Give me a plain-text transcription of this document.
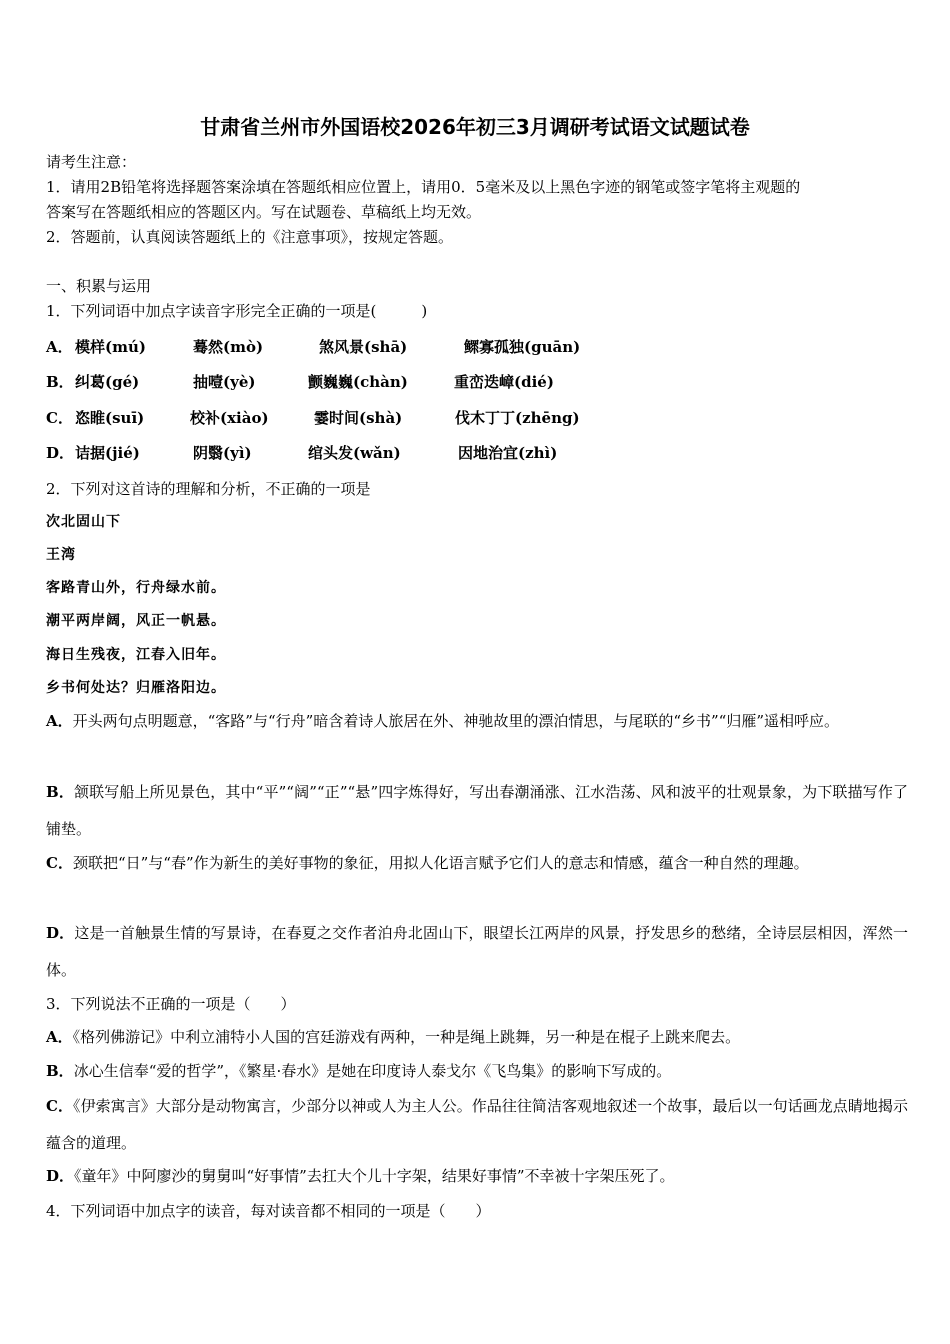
甘肃省兰州市外国语校2026年初三3月调研考试语文试题试卷
请考生注意：
1．请用2B铅笔将选择题答案涂填在答题纸相应位置上，请用0．5毫米及以上黑色字迹的钢笔或签字笔将主观题的
答案写在答题纸相应的答题区内。写在试题卷、草稿纸上均无效。
2．答题前，认真阅读答题纸上的《注意事项》，按规定答题。
一、积累与运用
1．下列词语中加点字读音字形完全正确的一项是(　　　)
A． 模样(mú)	蓦然(mò)	煞风景(shā)	鳏寡孤独(guān)
B． 纠葛(gé)	抽噎(yè)	颤巍巍(chàn)	重峦迭嶂(dié)
C． 恣睢(suī)	校补(xiào)	霎时间(shà)	伐木丁丁(zhēng)
D． 诘据(jié)	阴翳(yì)	绾头发(wǎn)	因地治宜(zhì)
2．下列对这首诗的理解和分析，不正确的一项是
次北固山下
王湾
客路青山外，行舟绿水前。
潮平两岸阔，风正一帆悬。
海日生残夜，江春入旧年。
乡书何处达？归雁洛阳边。
A．开头两句点明题意，“客路”与“行舟”暗含着诗人旅居在外、神驰故里的漂泊情思，与尾联的“乡书”“归雁”遥相呼应。
B．颔联写船上所见景色，其中“平”“阔”“正”“悬”四字炼得好，写出春潮涌涨、江水浩荡、风和波平的壮观景象，为下联描写作了铺垫。
C．颈联把“日”与“春”作为新生的美好事物的象征，用拟人化语言赋予它们人的意志和情感，蕴含一种自然的理趣。
D．这是一首触景生情的写景诗，在春夏之交作者泊舟北固山下，眼望长江两岸的风景，抒发思乡的愁绪，全诗层层相因，浑然一体。
3．下列说法不正确的一项是（　　）
A．《格列佛游记》中利立浦特小人国的宫廷游戏有两种，一种是绳上跳舞，另一种是在棍子上跳来爬去。
B．冰心生信奉“爱的哲学”，《繁星·春水》是她在印度诗人泰戈尔《飞鸟集》的影响下写成的。
C．《伊索寓言》大部分是动物寓言，少部分以神或人为主人公。作品往往简洁客观地叙述一个故事，最后以一句话画龙点睛地揭示蕴含的道理。
D．《童年》中阿廖沙的舅舅叫“好事情”去扛大个儿十字架，结果好事情”不幸被十字架压死了。
4．下列词语中加点字的读音，每对读音都不相同的一项是（　　）
